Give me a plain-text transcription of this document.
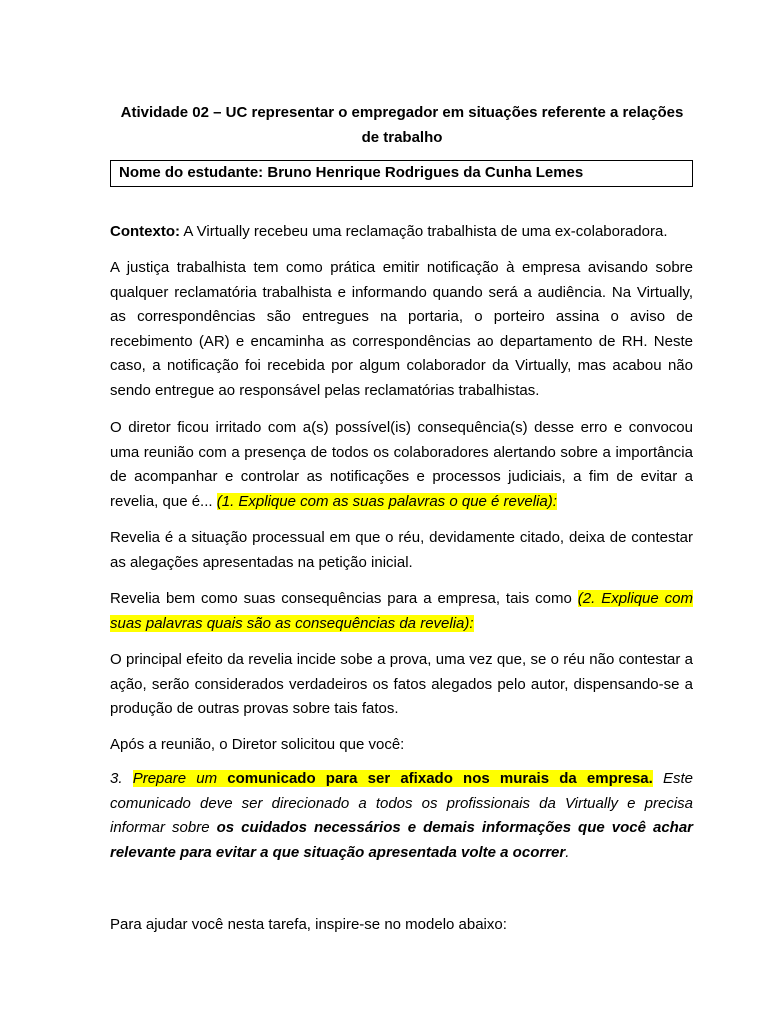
Atividade 02 – UC representar o empregador em situações referente a relações
de trabalho
Nome do estudante: Bruno Henrique Rodrigues da Cunha Lemes
Contexto: A Virtually recebeu uma reclamação trabalhista de uma ex-colaboradora.
A justiça trabalhista tem como prática emitir notificação à empresa avisando sobre qualquer reclamatória trabalhista e informando quando será a audiência. Na Virtually, as correspondências são entregues na portaria, o porteiro assina o aviso de recebimento (AR) e encaminha as correspondências ao departamento de RH. Neste caso, a notificação foi recebida por algum colaborador da Virtually, mas acabou não sendo entregue ao responsável pelas reclamatórias trabalhistas.
O diretor ficou irritado com a(s) possível(is) consequência(s) desse erro e convocou uma reunião com a presença de todos os colaboradores alertando sobre a importância de acompanhar e controlar as notificações e processos judiciais, a fim de evitar a revelia, que é... (1. Explique com as suas palavras o que é revelia):
Revelia é a situação processual em que o réu, devidamente citado, deixa de contestar as alegações apresentadas na petição inicial.
Revelia bem como suas consequências para a empresa, tais como (2. Explique com suas palavras quais são as consequências da revelia):
O principal efeito da revelia incide sobe a prova, uma vez que, se o réu não contestar a ação, serão considerados verdadeiros os fatos alegados pelo autor, dispensando-se a produção de outras provas sobre tais fatos.
Após a reunião, o Diretor solicitou que você:
3. Prepare um comunicado para ser afixado nos murais da empresa. Este comunicado deve ser direcionado a todos os profissionais da Virtually e precisa informar sobre os cuidados necessários e demais informações que você achar relevante para evitar a que situação apresentada volte a ocorrer.
Para ajudar você nesta tarefa, inspire-se no modelo abaixo:
